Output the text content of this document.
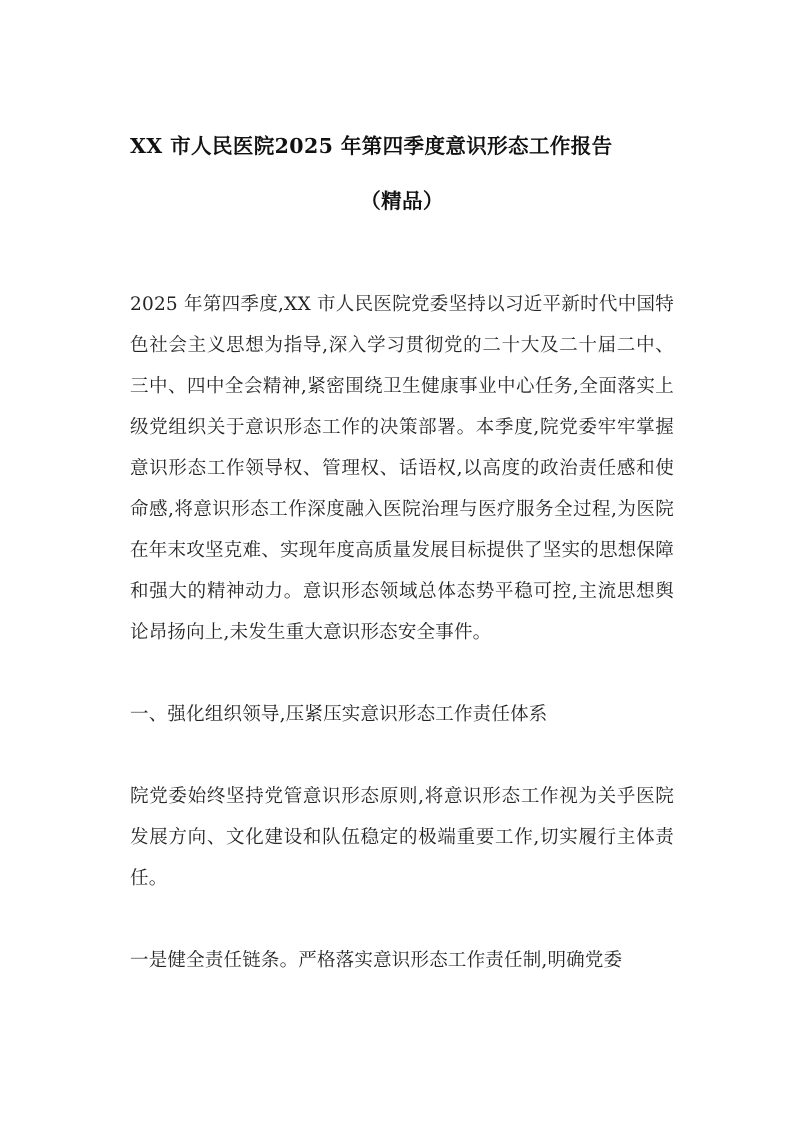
XX 市人民医院2025 年第四季度意识形态工作报告
（精品）

2025 年第四季度,XX 市人民医院党委坚持以习近平新时代中国特色社会主义思想为指导,深入学习贯彻党的二十大及二十届二中、三中、四中全会精神,紧密围绕卫生健康事业中心任务,全面落实上级党组织关于意识形态工作的决策部署。本季度,院党委牢牢掌握意识形态工作领导权、管理权、话语权,以高度的政治责任感和使命感,将意识形态工作深度融入医院治理与医疗服务全过程,为医院在年末攻坚克难、实现年度高质量发展目标提供了坚实的思想保障和强大的精神动力。意识形态领域总体态势平稳可控,主流思想舆论昂扬向上,未发生重大意识形态安全事件。

一、强化组织领导,压紧压实意识形态工作责任体系

院党委始终坚持党管意识形态原则,将意识形态工作视为关乎医院发展方向、文化建设和队伍稳定的极端重要工作,切实履行主体责任。

一是健全责任链条。严格落实意识形态工作责任制,明确党委
